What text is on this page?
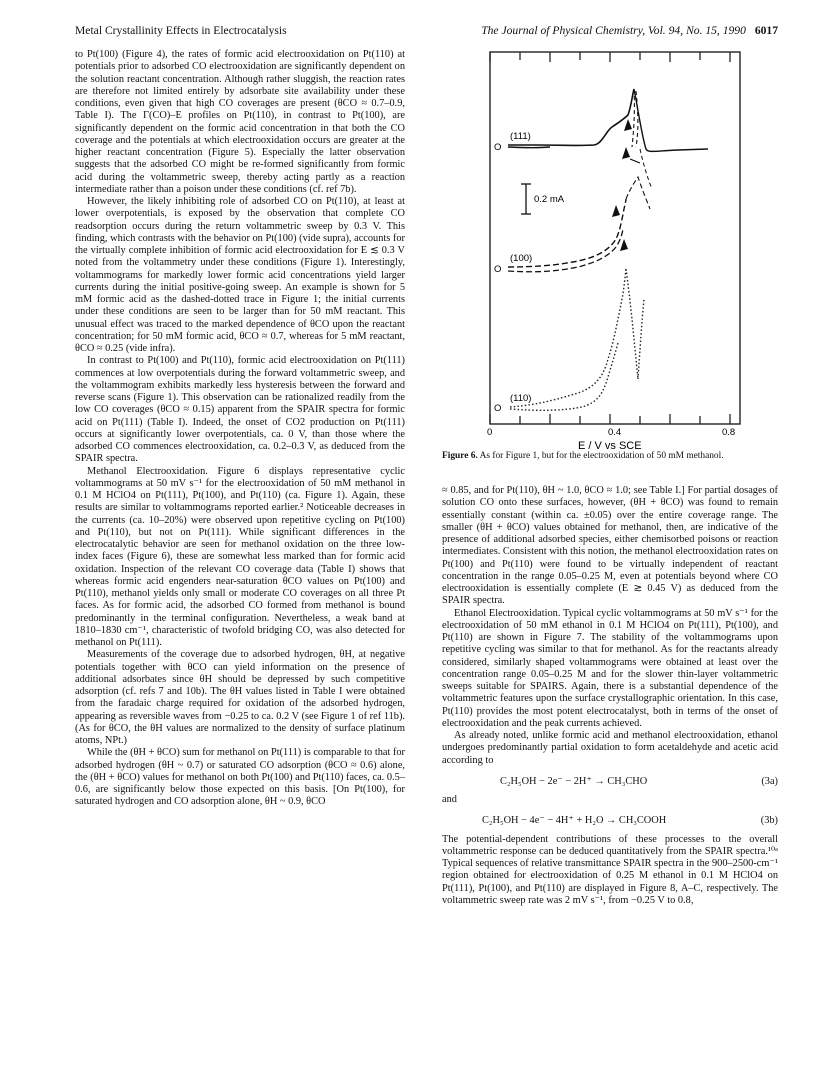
Metal Crystallinity Effects in Electrocatalysis	The Journal of Physical Chemistry, Vol. 94, No. 15, 1990 6017

to Pt(100) (Figure 4), the rates of formic acid electrooxidation on Pt(110) at potentials prior to adsorbed CO electrooxidation are significantly dependent on the solution reactant concentration. Although rather sluggish, the reaction rates are therefore not limited entirely by adsorbate site availability under these conditions, even given that high CO coverages are present (θCO ≈ 0.7–0.9, Table I). The Γ(CO)–E profiles on Pt(110), in contrast to Pt(100), are significantly dependent on the formic acid concentration in that both the CO coverage and the potentials at which electrooxidation occurs are greater at the higher reactant concentration (Figure 5). Especially the latter observation suggests that the adsorbed CO might be re-formed significantly from formic acid during the voltammetric sweep, thereby acting partly as a reaction intermediate rather than a poison under these conditions (cf. ref 7b).

However, the likely inhibiting role of adsorbed CO on Pt(110), at least at lower overpotentials, is exposed by the observation that complete CO readsorption occurs during the return voltammetric sweep by 0.3 V. This finding, which contrasts with the behavior on Pt(100) (vide supra), accounts for the virtually complete inhibition of formic acid electrooxidation for E ≲ 0.3 V noted from the voltammetry under these conditions (Figure 1). Interestingly, voltammograms for markedly lower formic acid concentrations yield larger currents during the initial positive-going sweep. An example is shown for 5 mM formic acid as the dashed-dotted trace in Figure 1; the initial currents under these conditions are seen to be larger than for 50 mM reactant. This unusual effect was traced to the marked dependence of θCO upon the reactant concentration; for 50 mM formic acid, θCO ≈ 0.7, whereas for 5 mM reactant, θCO ≈ 0.25 (vide infra).

In contrast to Pt(100) and Pt(110), formic acid electrooxidation on Pt(111) commences at low overpotentials during the forward voltammetric sweep, and the voltammogram exhibits markedly less hysteresis between the forward and reverse scans (Figure 1). This observation can be rationalized readily from the low CO coverages (θCO ≈ 0.15) apparent from the SPAIR spectra for formic acid on Pt(111) (Table I). Indeed, the onset of CO2 production on Pt(111) occurs at significantly lower overpotentials, ca. 0 V, than those where the adsorbed CO commences electrooxidation, ca. 0.2–0.3 V, as deduced from the SPAIR spectra.

Methanol Electrooxidation. Figure 6 displays representative cyclic voltammograms at 50 mV s⁻¹ for the electrooxidation of 50 mM methanol in 0.1 M HClO4 on Pt(111), Pt(100), and Pt(110) (ca. Figure 1). Again, these results are similar to voltammograms reported earlier.² Noticeable decreases in the currents (ca. 10–20%) were observed upon repetitive cycling on Pt(100) and Pt(110), but not on Pt(111). While significant differences in the electrocatalytic behavior are seen for methanol oxidation on the three low-index faces (Figure 6), these are somewhat less marked than for formic acid oxidation. Inspection of the relevant CO coverage data (Table I) shows that whereas formic acid engenders near-saturation θCO values on Pt(100) and Pt(110), methanol yields only small or moderate CO coverages on all three Pt faces. As for formic acid, the adsorbed CO formed from methanol is bound predominantly in the terminal configuration. Nevertheless, a weak band at 1810–1830 cm⁻¹, characteristic of twofold bridging CO, was also detected for methanol on Pt(111).

Measurements of the coverage due to adsorbed hydrogen, θH, at negative potentials together with θCO can yield information on the presence of additional adsorbates since θH should be depressed by such competitive adsorption (cf. refs 7 and 10b). The θH values listed in Table I were obtained from the faradaic charge required for oxidation of the adsorbed hydrogen, appearing as reversible waves from −0.25 to ca. 0.2 V (see Figure 1 of ref 11b). (As for θCO, the θH values are normalized to the density of surface platinum atoms, NPt.)

While the (θH + θCO) sum for methanol on Pt(111) is comparable to that for adsorbed hydrogen (θH ~ 0.7) or saturated CO adsorption (θCO ≈ 0.6) alone, the (θH + θCO) values for methanol on both Pt(100) and Pt(110) faces, ca. 0.5–0.6, are significantly below those expected on this basis. [On Pt(100), for saturated hydrogen and CO adsorption alone, θH ~ 0.9, θCO

(111)
O
(100)
O
(110)
O
0.2 mA
0	0.4	0.8
E / V vs SCE
Figure 6. As for Figure 1, but for the electrooxidation of 50 mM methanol.

≈ 0.85, and for Pt(110), θH ~ 1.0, θCO ≈ 1.0; see Table I.] For partial dosages of solution CO onto these surfaces, however, (θH + θCO) was found to remain essentially constant (within ca. ±0.05) over the entire coverage range. The smaller (θH + θCO) values obtained for methanol, then, are indicative of the presence of additional adsorbed species, either chemisorbed poisons or reaction intermediates. Consistent with this notion, the methanol electrooxidation rates on Pt(100) and Pt(110) were found to be virtually independent of reactant concentration in the range 0.05–0.25 M, even at potentials beyond where CO electrooxidation is essentially complete (E ≳ 0.45 V) as deduced from the SPAIR spectra.

Ethanol Electrooxidation. Typical cyclic voltammograms at 50 mV s⁻¹ for the electrooxidation of 50 mM ethanol in 0.1 M HClO4 on Pt(111), Pt(100), and Pt(110) are shown in Figure 7. The stability of the voltammograms upon repetitive cycling was similar to that for methanol. As for the reactants already considered, similarly shaped voltammograms were obtained at least over the concentration range 0.05–0.25 M and for the slower thin-layer voltammetric sweeps suitable for SPAIRS. Again, there is a substantial dependence of the voltammetric features upon the surface crystallographic orientation. In this case, Pt(110) provides the most potent electrocatalyst, both in terms of the onset of electrooxidation and the peak currents achieved.

As already noted, unlike formic acid and methanol electrooxidation, ethanol undergoes predominantly partial oxidation to form acetaldehyde and acetic acid according to

C₂H₅OH − 2e⁻ − 2H⁺ → CH₃CHO	(3a)
and
C₂H₅OH − 4e⁻ − 4H⁺ + H₂O → CH₃COOH	(3b)

The potential-dependent contributions of these processes to the overall voltammetric response can be deduced quantitatively from the SPAIR spectra.¹⁰ᵃ Typical sequences of relative transmittance SPAIR spectra in the 900–2500-cm⁻¹ region obtained for electrooxidation of 0.25 M ethanol in 0.1 M HClO4 on Pt(111), Pt(100), and Pt(110) are displayed in Figure 8, A–C, respectively. The voltammetric sweep rate was 2 mV s⁻¹, from −0.25 V to 0.8,
